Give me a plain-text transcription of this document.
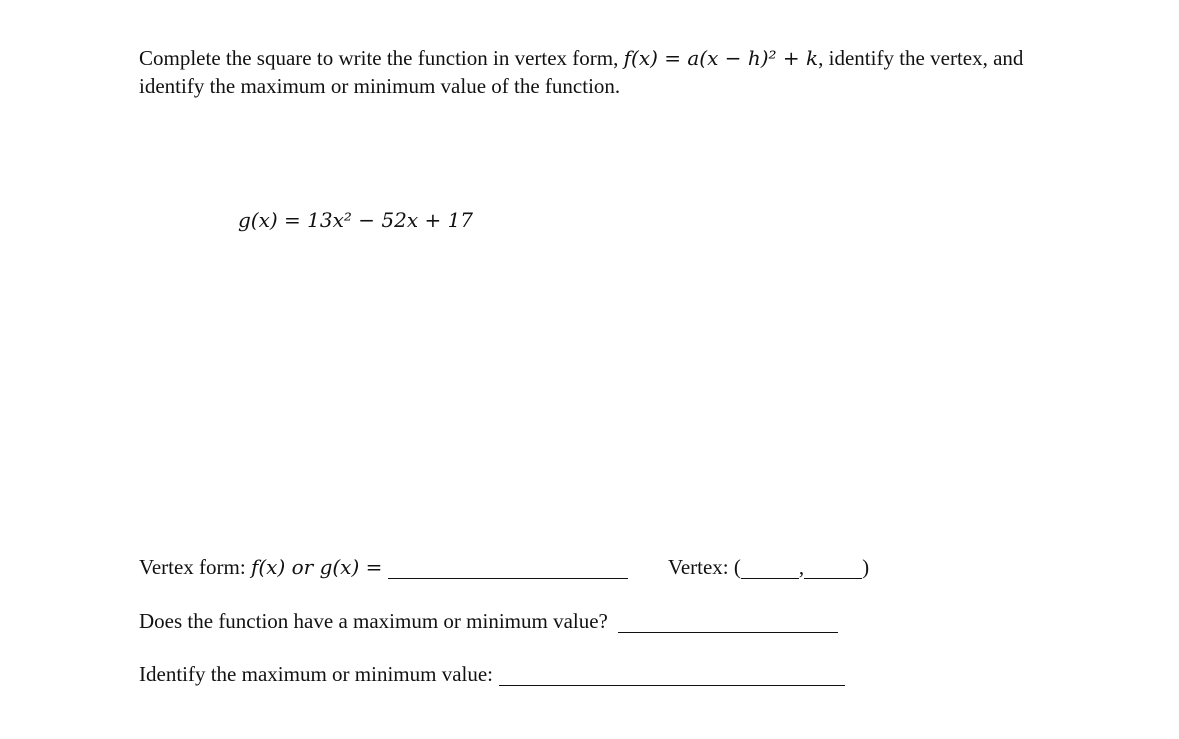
Complete the square to write the function in vertex form, f(x) = a(x − h)² + k, identify the vertex, and identify the maximum or minimum value of the function.
g(x) = 13x² − 52x + 17
Vertex form: f(x) or g(x) =	Vertex: (	,	)
Does the function have a maximum or minimum value?
Identify the maximum or minimum value:
